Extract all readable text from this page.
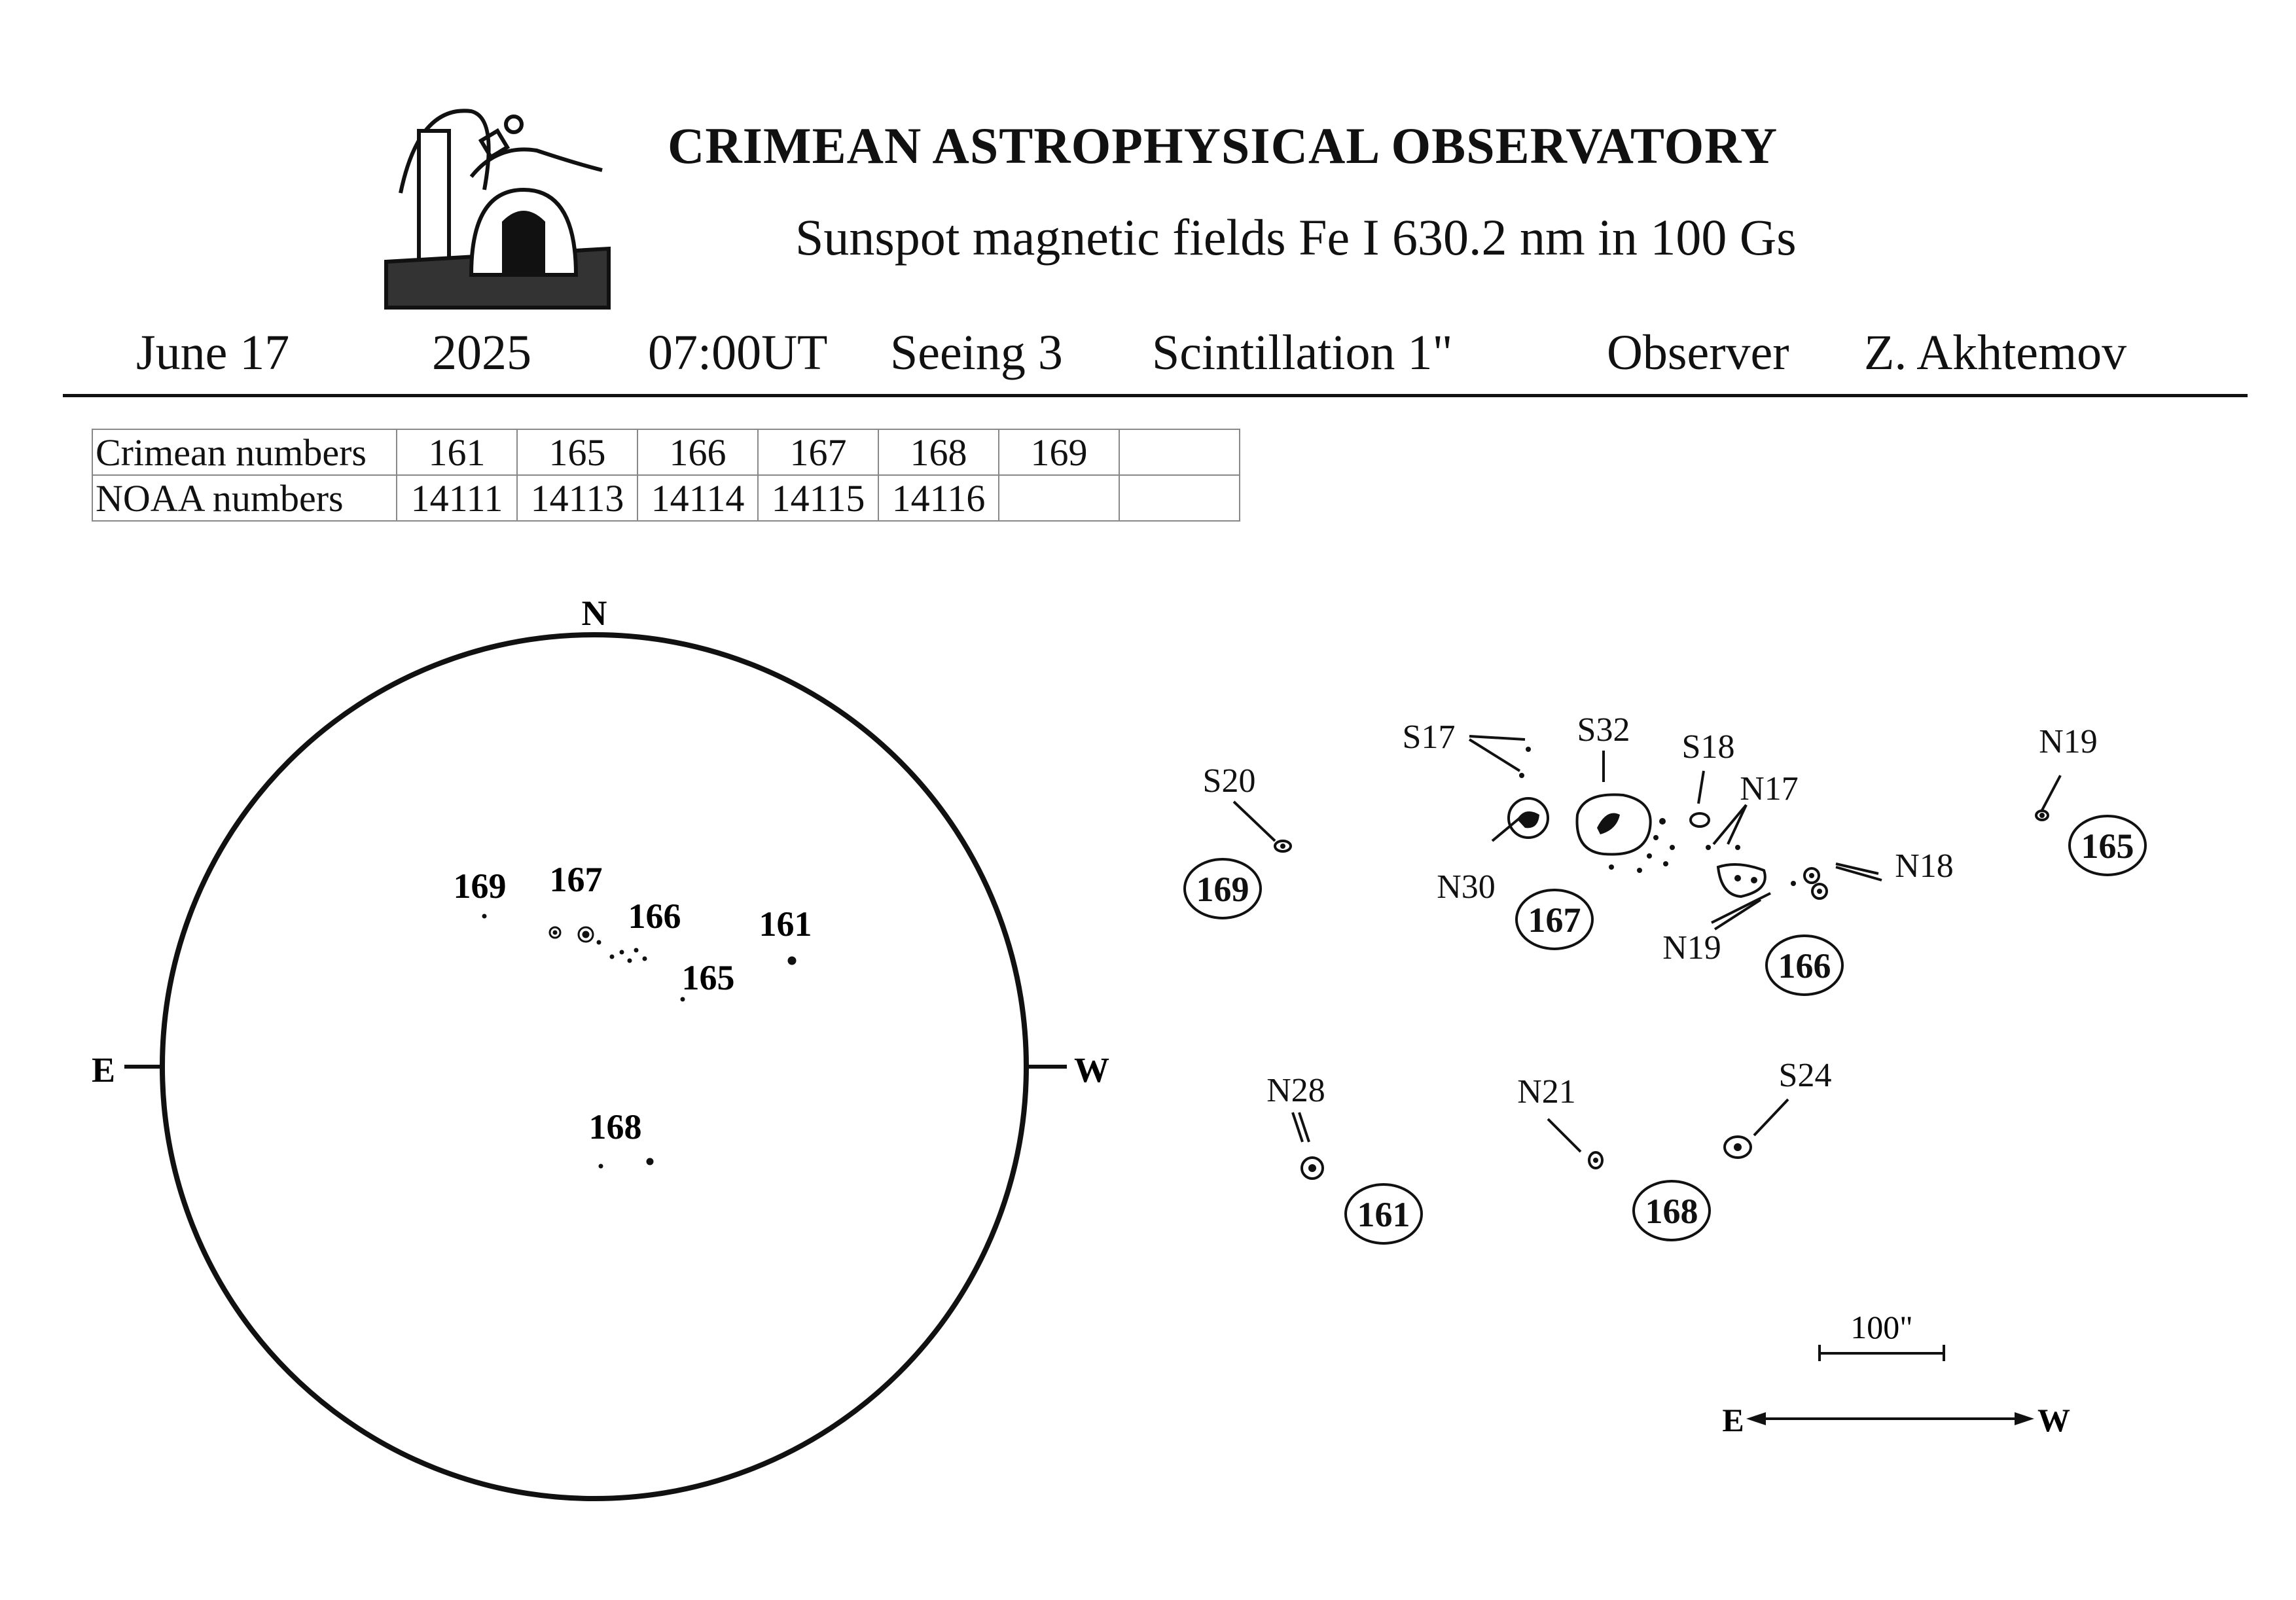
CRIMEAN ASTROPHYSICAL OBSERVATORY
Sunspot magnetic fields Fe I 630.2 nm in 100 Gs
June 17	2025 07:00UT Seeing 3 Scintillation 1"	Observer Z. Akhtemov
Crimean numbers	161	165	166	167	168	169	
NOAA numbers	14111	14113	14114	14115	14116		
N
E	W
169 167
166 161
165
168
S20
S17	S32 S18
N17
N19
N30
N18
N19
N28	N21	S24
169
167
166
165
161	168
100"
E	W
